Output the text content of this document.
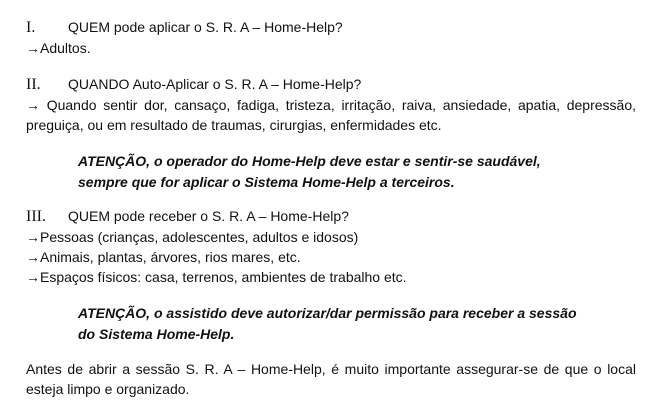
I. QUEM pode aplicar o S. R. A – Home-Help?
→Adultos.
II. QUANDO Auto-Aplicar o S. R. A – Home-Help?
→ Quando sentir dor, cansaço, fadiga, tristeza, irritação, raiva, ansiedade, apatia, depressão, preguiça, ou em resultado de traumas, cirurgias, enfermidades etc.
ATENÇÃO, o operador do Home-Help deve estar e sentir-se saudável,
sempre que for aplicar o Sistema Home-Help a terceiros.
III. QUEM pode receber o S. R. A – Home-Help?
→Pessoas (crianças, adolescentes, adultos e idosos)
→Animais, plantas, árvores, rios mares, etc.
→Espaços físicos: casa, terrenos, ambientes de trabalho etc.
ATENÇÃO, o assistido deve autorizar/dar permissão para receber a sessão
do Sistema Home-Help.
Antes de abrir a sessão S. R. A – Home-Help, é muito importante assegurar-se de que o local esteja limpo e organizado.
